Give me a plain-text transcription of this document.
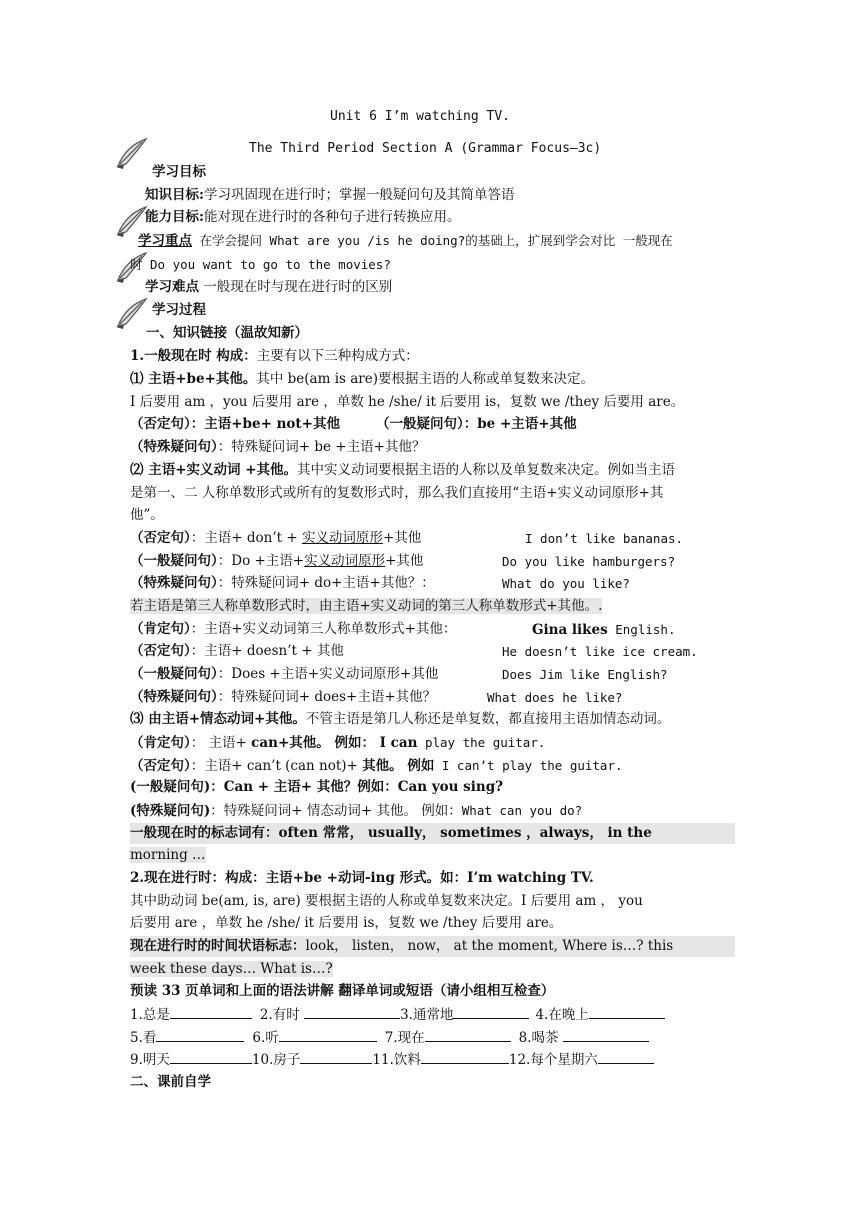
Unit 6 I’m watching TV.
The Third Period Section A (Grammar Focus—3c)
学习目标
知识目标:学习巩固现在进行时；掌握一般疑问句及其简单答语
能力目标:能对现在进行时的各种句子进行转换应用。
学习重点 在学会提问 What are you /is he doing?的基础上，扩展到学会对比 一般现在
时 Do you want to go to the movies?
学习难点 一般现在时与现在进行时的区别
学习过程
一、知识链接（温故知新）
1.一般现在时 构成：主要有以下三种构成方式：
⑴ 主语+be+其他。其中 be(am is are)要根据主语的人称或单复数来决定。
I 后要用 am ，you 后要用 are ，单数 he /she/ it 后要用 is，复数 we /they 后要用 are。
（否定句）：主语+be+ not+其他	（一般疑问句）：be +主语+其他
（特殊疑问句）：特殊疑问词+ be +主语+其他？
⑵ 主语+实义动词 +其他。其中实义动词要根据主语的人称以及单复数来决定。例如当主语
是第一、二 人称单数形式或所有的复数形式时，那么我们直接用“主语+实义动词原形+其
他”。
（否定句）：主语+ don’t + 实义动词原形+其他	I don’t like bananas.
（一般疑问句）：Do +主语+实义动词原形+其他	Do you like hamburgers?
（特殊疑问句）：特殊疑问词+ do+主语+其他？：	What do you like?
若主语是第三人称单数形式时，由主语+实义动词的第三人称单数形式+其他。.
（肯定句）：主语+实义动词第三人称单数形式+其他：	Gina likes English.
（否定句）：主语+ doesn’t + 其他	He doesn’t like ice cream.
（一般疑问句）：Does +主语+实义动词原形+其他	Does Jim like English?
（特殊疑问句）：特殊疑问词+ does+主语+其他？	What does he like?
⑶ 由主语+情态动词+其他。不管主语是第几人称还是单复数，都直接用主语加情态动词。
（肯定句）： 主语+ can+其他。 例如： I can play the guitar.
（否定句）：主语+ can’t (can not)+ 其他。 例如 I can’t play the guitar.
(一般疑问句)：Can + 主语+ 其他？例如：Can you sing?
(特殊疑问句)：特殊疑问词+ 情态动词+ 其他。 例如：What can you do?
一般现在时的标志词有：often 常常， usually， sometimes ，always， in the
morning …
2.现在进行时：构成：主语+be +动词-ing 形式。如：I’m watching TV.
其中助动词 be(am, is, are) 要根据主语的人称或单复数来决定。I 后要用 am ， you
后要用 are ，单数 he /she/ it 后要用 is，复数 we /they 后要用 are。
现在进行时的时间状语标志：look， listen， now， at the moment, Where is…? this
week these days… What is…?
预读 33 页单词和上面的语法讲解 翻译单词或短语（请小组相互检查）
1.总是	2.有时	3.通常地	4.在晚上
5.看	6.听	7.现在	8.喝茶
9.明天	10.房子	11.饮料	12.每个星期六
二、课前自学
